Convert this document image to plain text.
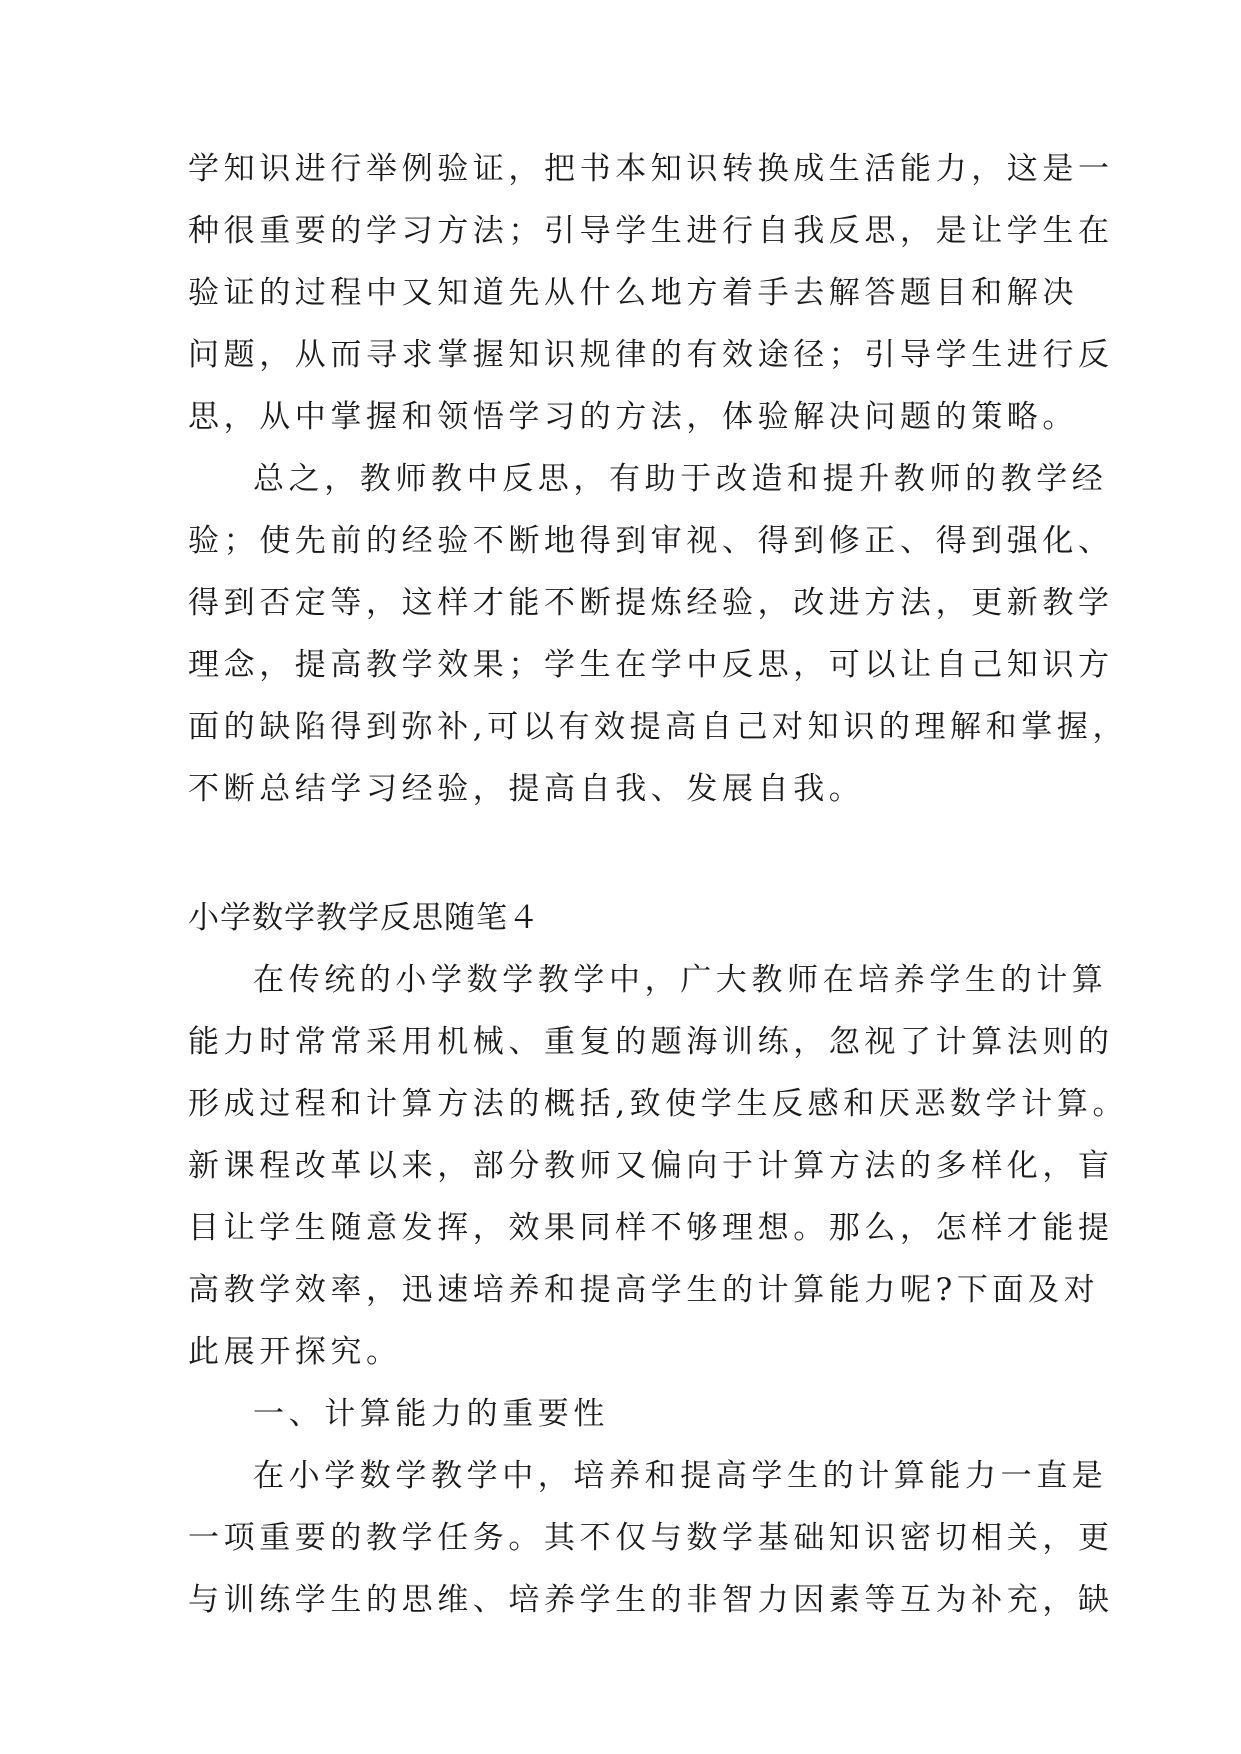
学知识进行举例验证，把书本知识转换成生活能力，这是一
种很重要的学习方法；引导学生进行自我反思，是让学生在
验证的过程中又知道先从什么地方着手去解答题目和解决
问题，从而寻求掌握知识规律的有效途径；引导学生进行反
思，从中掌握和领悟学习的方法，体验解决问题的策略。
总之，教师教中反思，有助于改造和提升教师的教学经
验；使先前的经验不断地得到审视、得到修正、得到强化、
得到否定等，这样才能不断提炼经验，改进方法，更新教学
理念，提高教学效果；学生在学中反思，可以让自己知识方
面的缺陷得到弥补,可以有效提高自己对知识的理解和掌握，
不断总结学习经验，提高自我、发展自我。
小学数学教学反思随笔４
在传统的小学数学教学中，广大教师在培养学生的计算
能力时常常采用机械、重复的题海训练，忽视了计算法则的
形成过程和计算方法的概括,致使学生反感和厌恶数学计算。
新课程改革以来，部分教师又偏向于计算方法的多样化，盲
目让学生随意发挥，效果同样不够理想。那么，怎样才能提
高教学效率，迅速培养和提高学生的计算能力呢?下面及对
此展开探究。
一、计算能力的重要性
在小学数学教学中，培养和提高学生的计算能力一直是
一项重要的教学任务。其不仅与数学基础知识密切相关，更
与训练学生的思维、培养学生的非智力因素等互为补充，缺
